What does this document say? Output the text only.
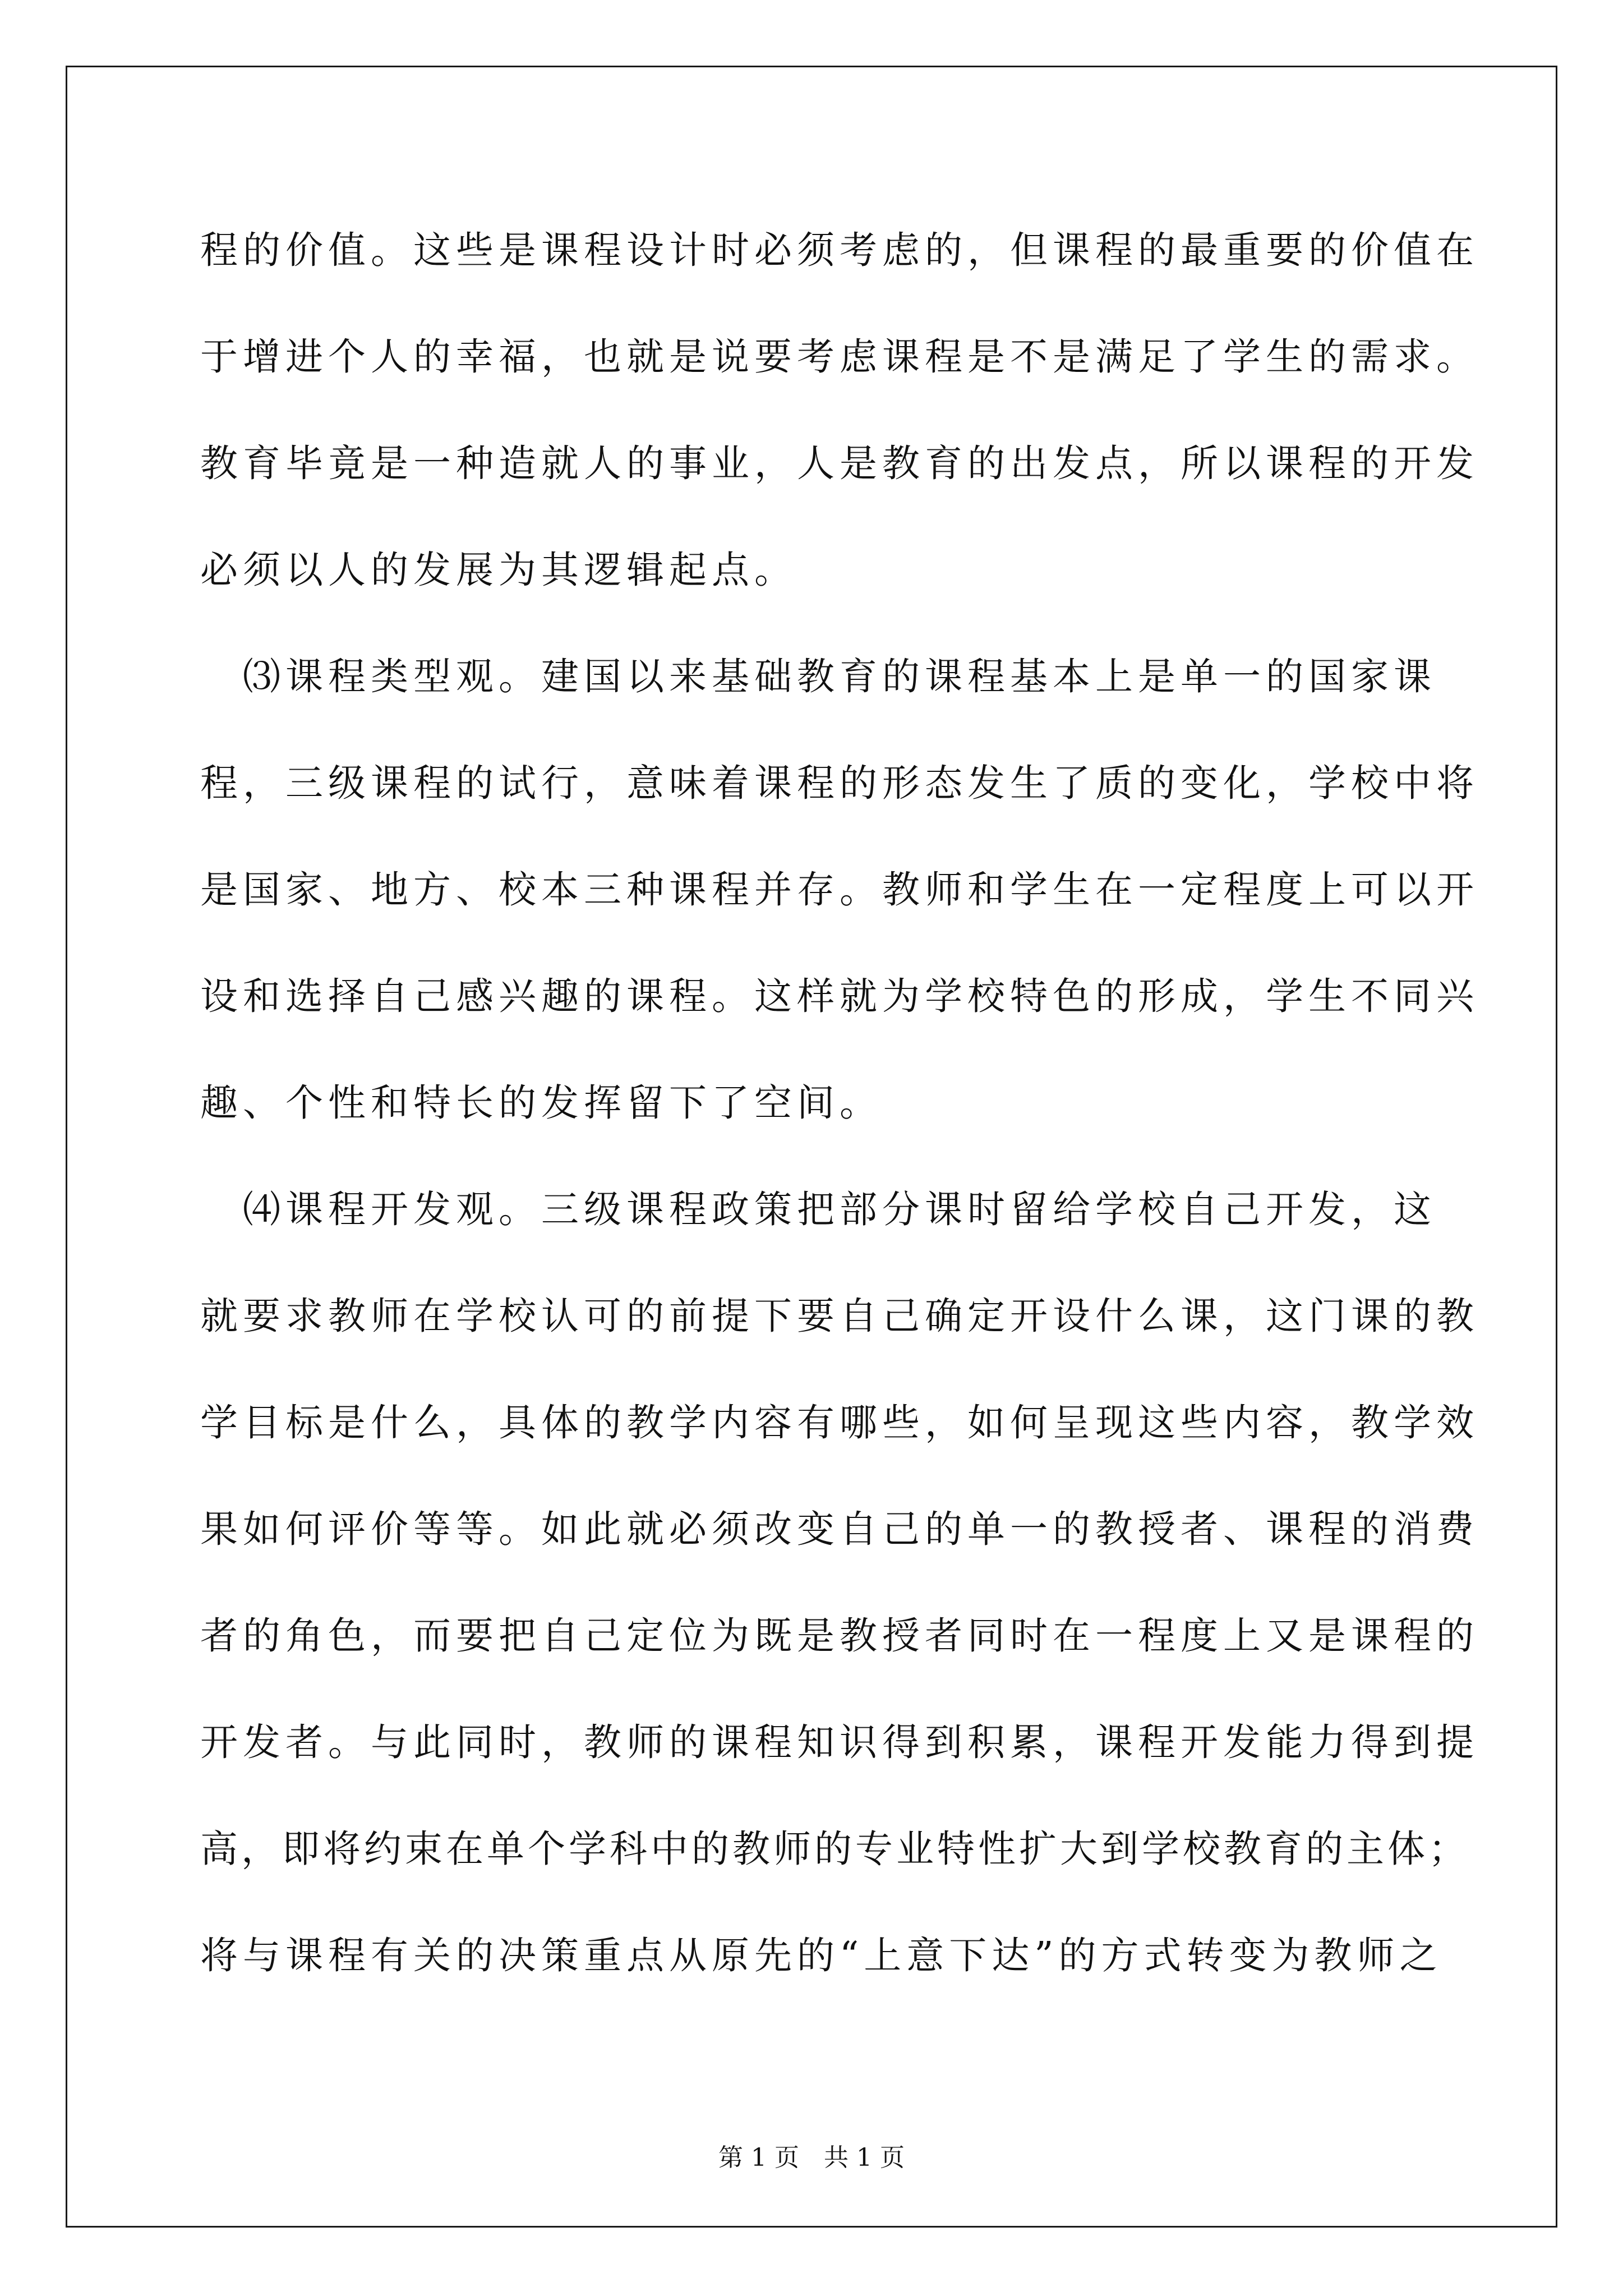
程的价值。这些是课程设计时必须考虑的，但课程的最重要的价值在
于增进个人的幸福，也就是说要考虑课程是不是满足了学生的需求。
教育毕竟是一种造就人的事业，人是教育的出发点，所以课程的开发
必须以人的发展为其逻辑起点。
　⑶课程类型观。建国以来基础教育的课程基本上是单一的国家课
程，三级课程的试行，意味着课程的形态发生了质的变化，学校中将
是国家、地方、校本三种课程并存。教师和学生在一定程度上可以开
设和选择自己感兴趣的课程。这样就为学校特色的形成，学生不同兴
趣、个性和特长的发挥留下了空间。
　⑷课程开发观。三级课程政策把部分课时留给学校自己开发，这
就要求教师在学校认可的前提下要自己确定开设什么课，这门课的教
学目标是什么，具体的教学内容有哪些，如何呈现这些内容，教学效
果如何评价等等。如此就必须改变自己的单一的教授者、课程的消费
者的角色，而要把自己定位为既是教授者同时在一程度上又是课程的
开发者。与此同时，教师的课程知识得到积累，课程开发能力得到提
高，即将约束在单个学科中的教师的专业特性扩大到学校教育的主体；
将与课程有关的决策重点从原先的“上意下达”的方式转变为教师之
第 1 页　共 1 页
